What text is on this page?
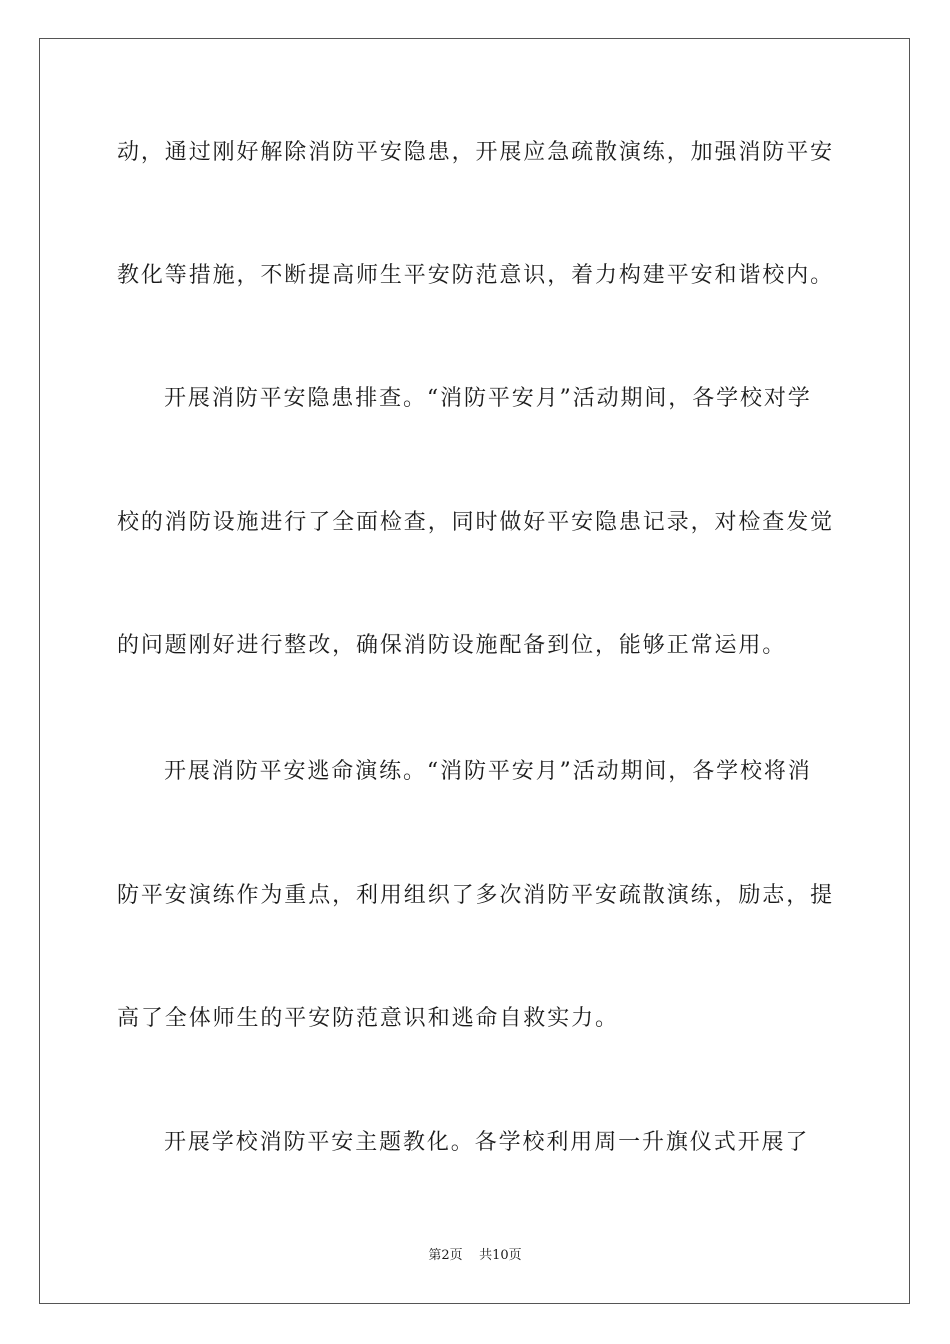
动，通过刚好解除消防平安隐患，开展应急疏散演练，加强消防平安
教化等措施，不断提高师生平安防范意识，着力构建平安和谐校内。
开展消防平安隐患排查。“消防平安月”活动期间，各学校对学
校的消防设施进行了全面检查，同时做好平安隐患记录，对检查发觉
的问题刚好进行整改，确保消防设施配备到位，能够正常运用。
开展消防平安逃命演练。“消防平安月”活动期间，各学校将消
防平安演练作为重点，利用组织了多次消防平安疏散演练，励志，提
高了全体师生的平安防范意识和逃命自救实力。
开展学校消防平安主题教化。各学校利用周一升旗仪式开展了
第2页    共10页
